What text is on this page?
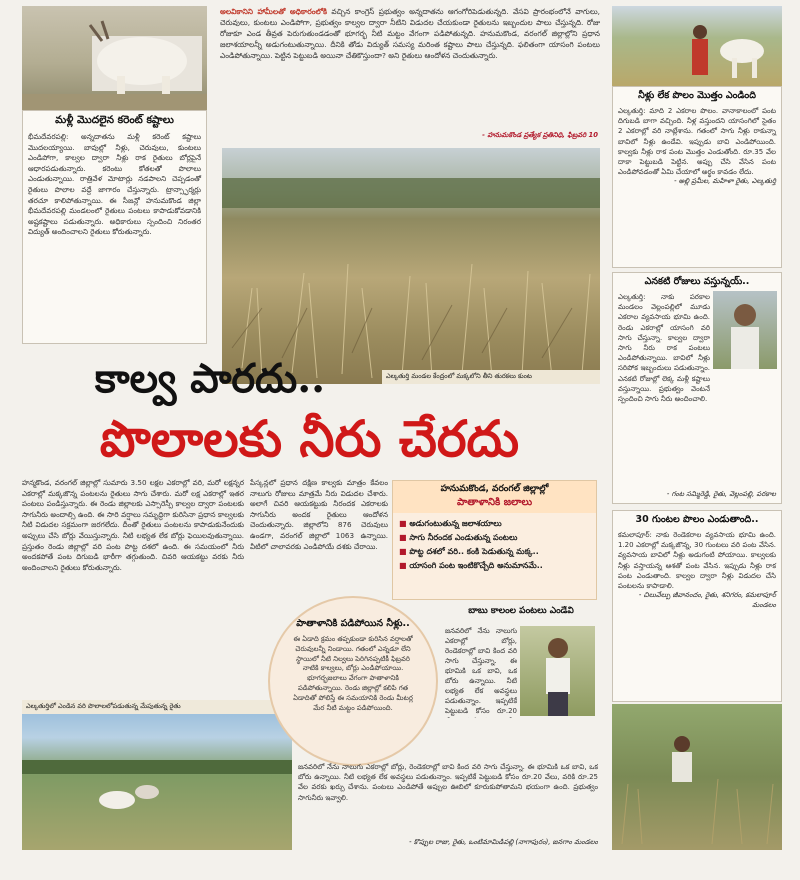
మళ్లీ మొదలైన కరెంట్ కష్టాలు
భీమదేవరపల్లి: అన్నదాతను మళ్లీ కరెంట్ కష్టాలు మొదలయ్యాయి. బావుల్లో నీళ్లు, చెరువులు, కుంటలు ఎండిపోగా, కాల్వల ద్వారా నీళ్లు రాక రైతులు బోర్లపైనే ఆధారపడుతున్నారు. కరెంటు కోతలతో పొలాలు ఎండుతున్నాయి. రాత్రివేళ మోటార్లు నడపాలని చెప్పడంతో రైతులు పొలాల వద్దే జాగారం చేస్తున్నారు. ట్రాన్స్ఫార్మర్లు తరచూ కాలిపోతున్నాయి. ఈ సీజన్లో హనుమకొండ జిల్లా భీమదేవరపల్లి మండలంలో రైతులు పంటలు కాపాడుకోవడానికి అష్టకష్టాలు పడుతున్నారు. అధికారులు స్పందించి నిరంతర విద్యుత్ అందించాలని రైతులు కోరుతున్నారు.
అలవికానిని హామీలతో అధికారంలోకి వచ్చిన కాంగ్రెస్ ప్రభుత్వం అన్నదాతను ఆగంగోరిపెడుతున్నది. వేసవి ప్రారంభంలోనే వాగులు, చెరువులు, కుంటలు ఎండిపోగా, ప్రభుత్వం కాల్వల ద్వారా నీటిని విడుదల చేయకుండా రైతులను ఇబ్బందుల పాలు చేస్తున్నది. రోజు రోజుకూ ఎండ తీవ్రత పెరుగుతుండడంతో భూగర్భ నీటి మట్టం వేగంగా పడిపోతున్నది. హనుమకొండ, వరంగల్ జిల్లాల్లోని ప్రధాన జలాశయాలన్నీ అడుగంటుతున్నాయి. దీనికి తోడు విద్యుత్ సమస్య మరింత కష్టాలు పాలు చేస్తున్నది. ఫలితంగా యాసంగి పంటలు ఎండిపోతున్నాయి. పెట్టిన పెట్టుబడి అయినా చేతికొస్తుందా? అని రైతులు ఆందోళన చెందుతున్నారు.
- హనుమకొండ ప్రత్యేక ప్రతినిధి, ఫిబ్రవరి 10
ఎల్కతుర్తి మండల కేంద్రంలో మక్కలోని తీని తురకలు కుంట
కాల్వ పారదు..
పొలాలకు నీరు చేరదు
హన్మకొండ, వరంగల్ జిల్లాల్లో సుమారు 3.50 లక్షల ఎకరాల్లో వరి, మరో లక్షన్నర ఎకరాల్లో మక్కజొన్న పంటలను రైతులు సాగు చేశారు. మరో లక్ష ఎకరాల్లో ఇతర పంటలు పండిస్తున్నారు. ఈ రెండు జిల్లాలకు ఎస్సారెస్పీ కాల్వల ద్వారా పంటలకు సాగునీరు అందాల్సి ఉంది. ఈ సారి వర్షాలు సమృద్ధిగా కురిసినా ప్రధాన కాల్వలకు నీటి విడుదల సక్రమంగా జరగలేదు. దీంతో రైతులు పంటలను కాపాడుకునేందుకు అప్పులు చేసి బోర్లు వేయిస్తున్నారు. నీటి లభ్యత లేక బోర్లు ఫెయిలవుతున్నాయి. ప్రస్తుతం రెండు జిల్లాల్లో వరి పంట పొట్ట దశలో ఉంది. ఈ సమయంలో నీరు అందకపోతే పంట దిగుబడి భారీగా తగ్గుతుంది. చివరి ఆయకట్టు వరకు నీరు అందించాలని రైతులు కోరుతున్నారు.
ఎల్కతుర్తిలో ఎండిన వరి పొలాలలోపడుతున్న మేపుతున్న రైతు
పేస్కన్లలో ప్రధాన దక్షిణ కాల్వకు మాత్రం కేవలం నాలుగు రోజులు మాత్రమే నీరు విడుదల చేశారు. అలాగే చివరి ఆయకట్టుకు నీరందక ఎకరాలకు సాగునీరు అందక రైతులు ఆందోళన చెందుతున్నారు. జిల్లాలోని 876 చెరువులు ఉండగా, వరంగల్ జిల్లాలో 1063 ఉన్నాయి. వీటిలో చాలావరకు ఎండిపోయే దశకు చేరాయి.
హనుమకొండ, వరంగల్ జిల్లాల్లో
పాతాళానికి జలాలు
■ అడుగంటుతున్న జలాశయాలు
■ సాగు నీరందక ఎండుతున్న పంటలు
■ పొట్ట దశలో వరి.. కంకి పెడుతున్న మక్క..
■ యాసంగి పంట ఇంటికొచ్చేది అనుమానమే..
పాతాళానికి పడిపోయిన నీళ్లు..
ఈ ఏడాది క్రమం తప్పకుండా కురిసిన వర్షాలతో చెరువులన్నీ నిండాయి. గతంలో ఎన్నడూ లేని స్థాయిలో నీటి నిల్వలు పెరిగినప్పటికీ ఫిబ్రవరి నాటికి కాల్వలు, బోర్లు ఎండిపోయాయి. భూగర్భజలాలు వేగంగా పాతాళానికి పడిపోతున్నాయి. రెండు జిల్లాల్లో కలిపి గత ఏడాదితో పోలిస్తే ఈ సమయానికి రెండు మీటర్ల మేర నీటి మట్టం పడిపోయింది.
బాబు కాలంల పంటలు ఎండేవి
జనవరిలో నేను నాలుగు ఎకరాల్లో బోర్లు, రెండెకరాల్లో బావి కింద వరి సాగు చేస్తున్నా. ఈ భూమికి ఒక బావి, ఒక బోరు ఉన్నాయి. నీటి లభ్యత లేక అవస్థలు పడుతున్నాం. ఇప్పటికే పెట్టుబడి కోసం రూ.20
జనవరిలో నేను నాలుగు ఎకరాల్లో బోర్లు, రెండెకరాల్లో బావి కింద వరి సాగు చేస్తున్నా. ఈ భూమికి ఒక బావి, ఒక బోరు ఉన్నాయి. నీటి లభ్యత లేక అవస్థలు పడుతున్నాం. ఇప్పటికే పెట్టుబడి కోసం రూ.20 వేలు, వరికి రూ.25 వేల వరకు ఖర్చు చేశాను. పంటలు ఎండిపోతే అప్పుల ఊబిలో కూరుకుపోతామని భయంగా ఉంది. ప్రభుత్వం సాగునీరు ఇవ్వాలి.
- కొప్పుల రాజు, రైతు, ఒంటిమామిడిపల్లి (నాగాపురం), జనగాం మండలం
నీళ్లు లేక పొలం మొత్తం ఎండింది
ఎల్కతుర్తి: మాది 2 ఎకరాల పొలం. వానాకాలంలో పంట దిగుబడి బాగా వచ్చింది. నీళ్ల వస్తుందని యాసంగిలో సైతం 2 ఎకరాల్లో వరి నాట్లేశాను. గతంలో సాగు నీళ్లు రాకున్నా బావిలో నీళ్లు ఉండేవి. ఇప్పుడు బావి ఎండిపోయింది. కాల్వకు నీళ్లు రాక పంట మొత్తం ఎండుతోంది. రూ.35 వేల దాకా పెట్టుబడి పెట్టిన. అప్పు చేసి వేసిన పంట ఎండిపోవడంతో ఏమి చేయాలో అర్థం కావడం లేదు.
- అల్లి ప్రమీల, మహిళా రైతు, ఎల్కతుర్తి
ఎనకటి రోజులు వస్తున్నయ్..
ఎల్కతుర్తి: నాకు పరకాల మండలం వెల్లంపల్లిలో మూడు ఎకరాల వ్యవసాయ భూమి ఉంది. రెండు ఎకరాల్లో యాసంగి వరి సాగు చేస్తున్నా. కాల్వల ద్వారా సాగు నీరు రాక పంటలు ఎండిపోతున్నాయి. బావిలో నీళ్లు సరిపోక ఇబ్బందులు పడుతున్నాం. ఎనకటి రోజుల్లో లెక్క మళ్లీ కష్టాలు వస్తున్నాయి. ప్రభుత్వం వెంటనే స్పందించి సాగు నీరు అందించాలి.
- గంట సమ్మిరెడ్డి, రైతు, వెల్లంపల్లి, పరకాల
30 గుంటల పొలం ఎండుతాంది..
కమలాపూర్: నాకు రెండెకరాల వ్యవసాయ భూమి ఉంది. 1.20 ఎకరాల్లో మక్కజొన్న, 30 గుంటలు వరి పంట వేసిన. వ్యవసాయ బావిలో నీళ్లు అడుగంటి పోయాయి. కాల్వలకు నీళ్లు వస్తాయన్న ఆశతో పంట వేసిన. ఇప్పుడు నీళ్లు రాక పంట ఎండుతాంది. కాల్వల ద్వారా నీళ్లు విడుదల చేసి పంటలను కాపాడాలి.
- చిలువేల్పు జీవానందం, రైతు, శనిగరం, కమలాపూర్ మండలం
